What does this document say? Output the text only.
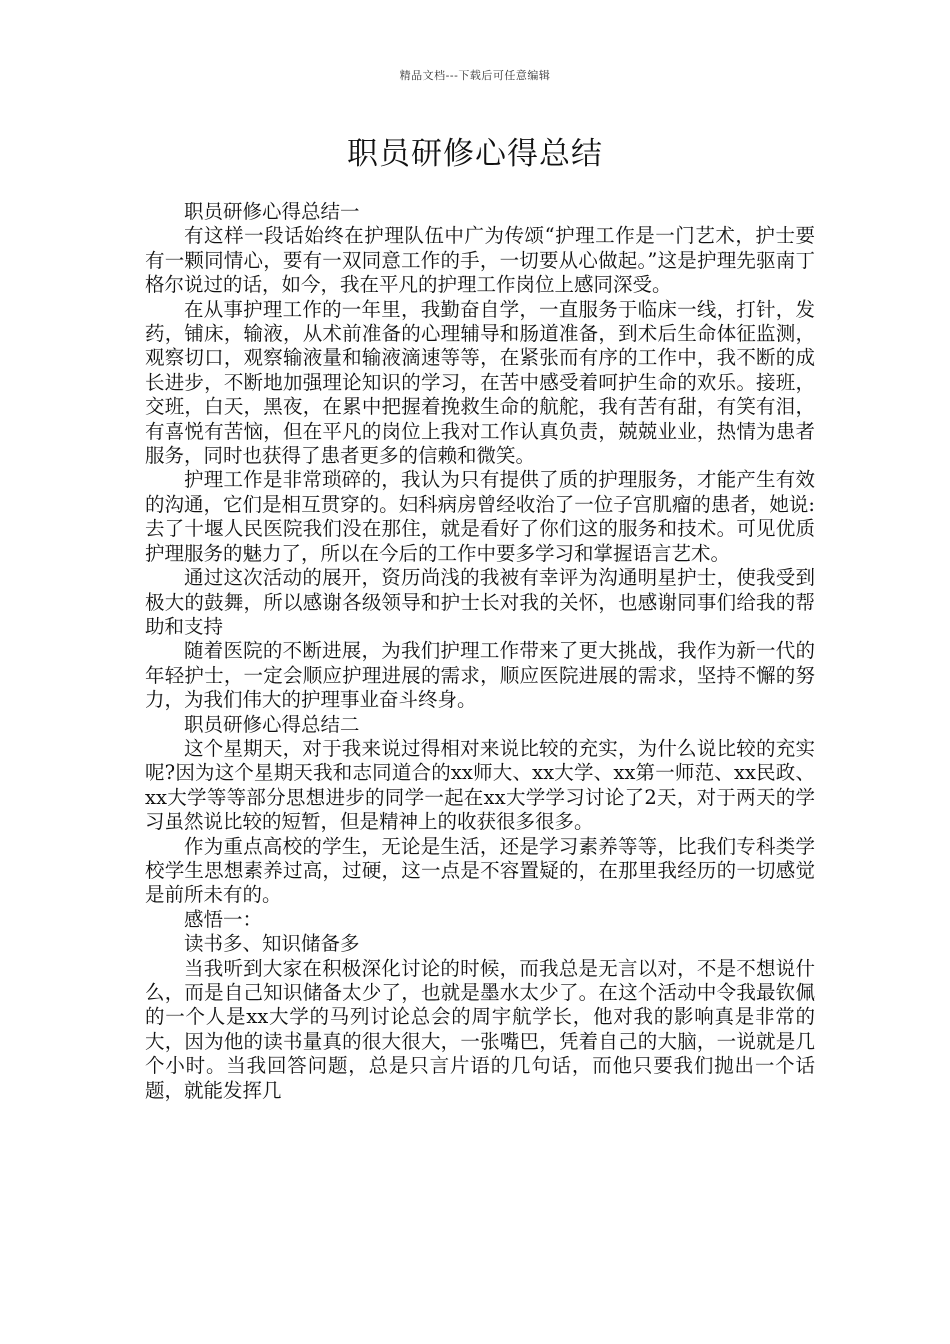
精品文档---下载后可任意编辑
职员研修心得总结

职员研修心得总结一

有这样一段话始终在护理队伍中广为传颂“护理工作是一门艺术，护士要有一颗同情心，要有一双同意工作的手，一切要从心做起。”这是护理先驱南丁格尔说过的话，如今，我在平凡的护理工作岗位上感同深受。

在从事护理工作的一年里，我勤奋自学，一直服务于临床一线，打针，发药，铺床，输液，从术前准备的心理辅导和肠道准备，到术后生命体征监测，观察切口，观察输液量和输液滴速等等，在紧张而有序的工作中，我不断的成长进步，不断地加强理论知识的学习，在苦中感受着呵护生命的欢乐。接班，交班，白天，黑夜，在累中把握着挽救生命的航舵，我有苦有甜，有笑有泪，有喜悦有苦恼，但在平凡的岗位上我对工作认真负责，兢兢业业，热情为患者服务，同时也获得了患者更多的信赖和微笑。

护理工作是非常琐碎的，我认为只有提供了质的护理服务，才能产生有效的沟通，它们是相互贯穿的。妇科病房曾经收治了一位子宫肌瘤的患者，她说:去了十堰人民医院我们没在那住，就是看好了你们这的服务和技术。可见优质护理服务的魅力了，所以在今后的工作中要多学习和掌握语言艺术。

通过这次活动的展开，资历尚浅的我被有幸评为沟通明星护士，使我受到极大的鼓舞，所以感谢各级领导和护士长对我的关怀，也感谢同事们给我的帮助和支持

随着医院的不断进展，为我们护理工作带来了更大挑战，我作为新一代的年轻护士，一定会顺应护理进展的需求，顺应医院进展的需求，坚持不懈的努力，为我们伟大的护理事业奋斗终身。

职员研修心得总结二

这个星期天，对于我来说过得相对来说比较的充实，为什么说比较的充实呢?因为这个星期天我和志同道合的xx师大、xx大学、xx第一师范、xx民政、xx大学等等部分思想进步的同学一起在xx大学学习讨论了2天，对于两天的学习虽然说比较的短暂，但是精神上的收获很多很多。

作为重点高校的学生，无论是生活，还是学习素养等等，比我们专科类学校学生思想素养过高，过硬，这一点是不容置疑的，在那里我经历的一切感觉是前所未有的。

感悟一：

读书多、知识储备多

当我听到大家在积极深化讨论的时候，而我总是无言以对，不是不想说什么，而是自己知识储备太少了，也就是墨水太少了。在这个活动中令我最钦佩的一个人是xx大学的马列讨论总会的周宇航学长，他对我的影响真是非常的大，因为他的读书量真的很大很大，一张嘴巴，凭着自己的大脑，一说就是几个小时。当我回答问题，总是只言片语的几句话，而他只要我们抛出一个话题，就能发挥几
